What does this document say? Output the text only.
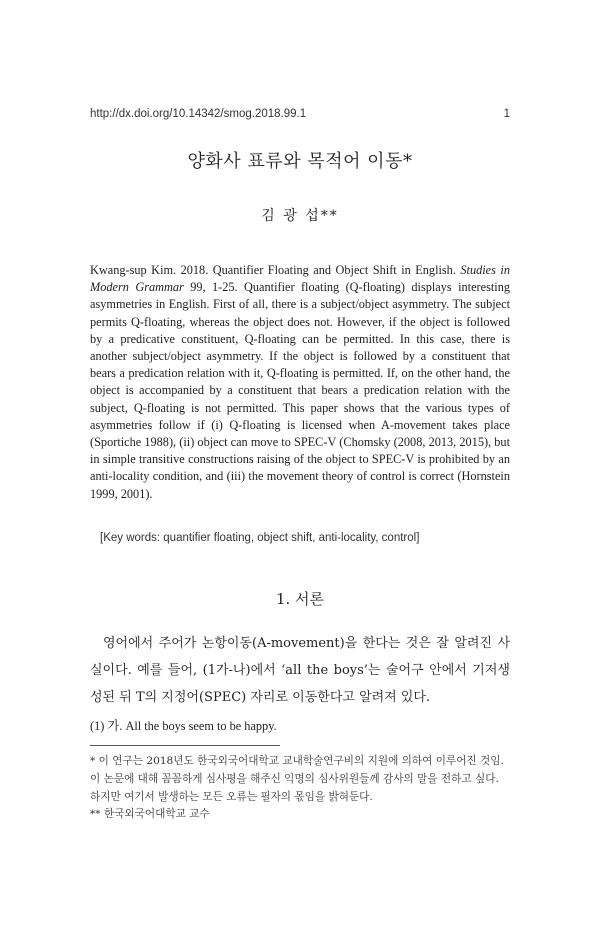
http://dx.doi.org/10.14342/smog.2018.99.1	1
양화사 표류와 목적어 이동*
김 광 섭**
Kwang-sup Kim. 2018. Quantifier Floating and Object Shift in English. Studies in Modern Grammar 99, 1-25. Quantifier floating (Q-floating) displays interesting asymmetries in English. First of all, there is a subject/object asymmetry. The subject permits Q-floating, whereas the object does not. However, if the object is followed by a predicative constituent, Q-floating can be permitted. In this case, there is another subject/object asymmetry. If the object is followed by a constituent that bears a predication relation with it, Q-floating is permitted. If, on the other hand, the object is accompanied by a constituent that bears a predication relation with the subject, Q-floating is not permitted. This paper shows that the various types of asymmetries follow if (i) Q-floating is licensed when A-movement takes place (Sportiche 1988), (ii) object can move to SPEC-V (Chomsky (2008, 2013, 2015), but in simple transitive constructions raising of the object to SPEC-V is prohibited by an anti-locality condition, and (iii) the movement theory of control is correct (Hornstein 1999, 2001).
[Key words: quantifier floating, object shift, anti-locality, control]
1. 서론
영어에서 주어가 논항이동(A-movement)을 한다는 것은 잘 알려진 사실이다. 예를 들어, (1가-나)에서 ‘all the boys’는 술어구 안에서 기저생성된 뒤 T의 지정어(SPEC) 자리로 이동한다고 알려져 있다.
(1) 가. All the boys seem to be happy.
* 이 연구는 2018년도 한국외국어대학교 교내학술연구비의 지원에 의하여 이루어진 것임. 이 논문에 대해 꼼꼼하게 심사평을 해주신 익명의 심사위원들께 감사의 말을 전하고 싶다. 하지만 여기서 발생하는 모든 오류는 필자의 몫임을 밝혀둔다.
** 한국외국어대학교 교수
